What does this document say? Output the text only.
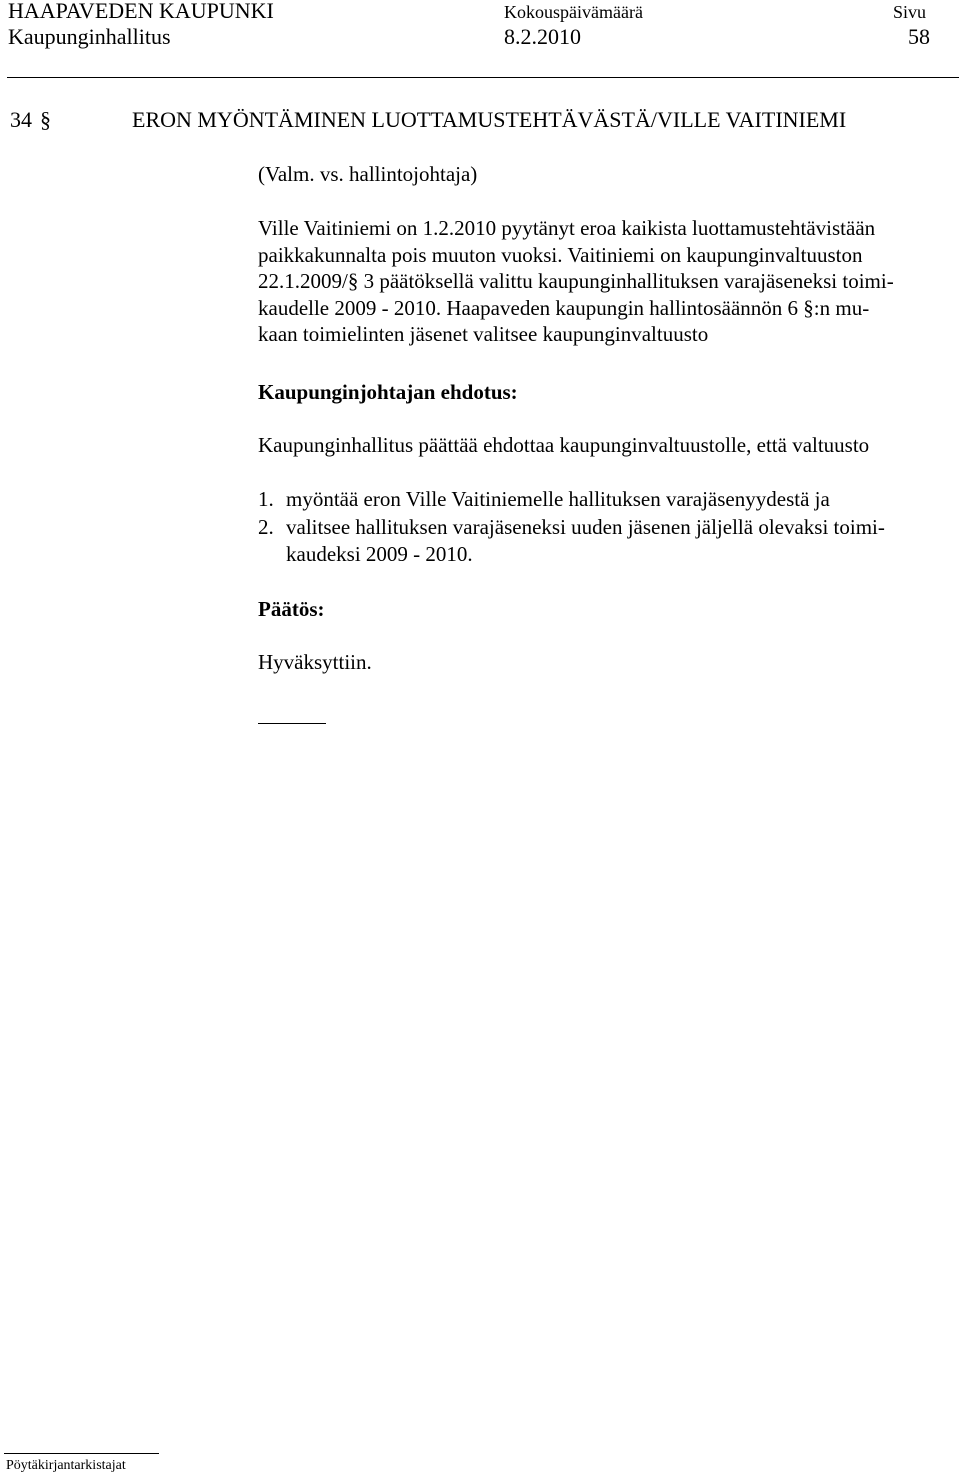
HAAPAVEDEN KAUPUNKI	Kokouspäivämäärä	Sivu
Kaupunginhallitus	8.2.2010	58
34 §	ERON MYÖNTÄMINEN LUOTTAMUSTEHTÄVÄSTÄ/VILLE VAITINIEMI
(Valm. vs. hallintojohtaja)
Ville Vaitiniemi on 1.2.2010 pyytänyt eroa kaikista luottamustehtävistään
paikkakunnalta pois muuton vuoksi. Vaitiniemi on kaupunginvaltuuston
22.1.2009/§ 3 päätöksellä valittu kaupunginhallituksen varajäseneksi toimi-
kaudelle 2009 - 2010. Haapaveden kaupungin hallintosäännön 6 §:n mu-
kaan toimielinten jäsenet valitsee kaupunginvaltuusto
Kaupunginjohtajan ehdotus:
Kaupunginhallitus päättää ehdottaa kaupunginvaltuustolle, että valtuusto
1. myöntää eron Ville Vaitiniemelle hallituksen varajäsenyydestä ja
2. valitsee hallituksen varajäseneksi uuden jäsenen jäljellä olevaksi toimi-
kaudeksi 2009 - 2010.
Päätös:
Hyväksyttiin.
Pöytäkirjantarkistajat
